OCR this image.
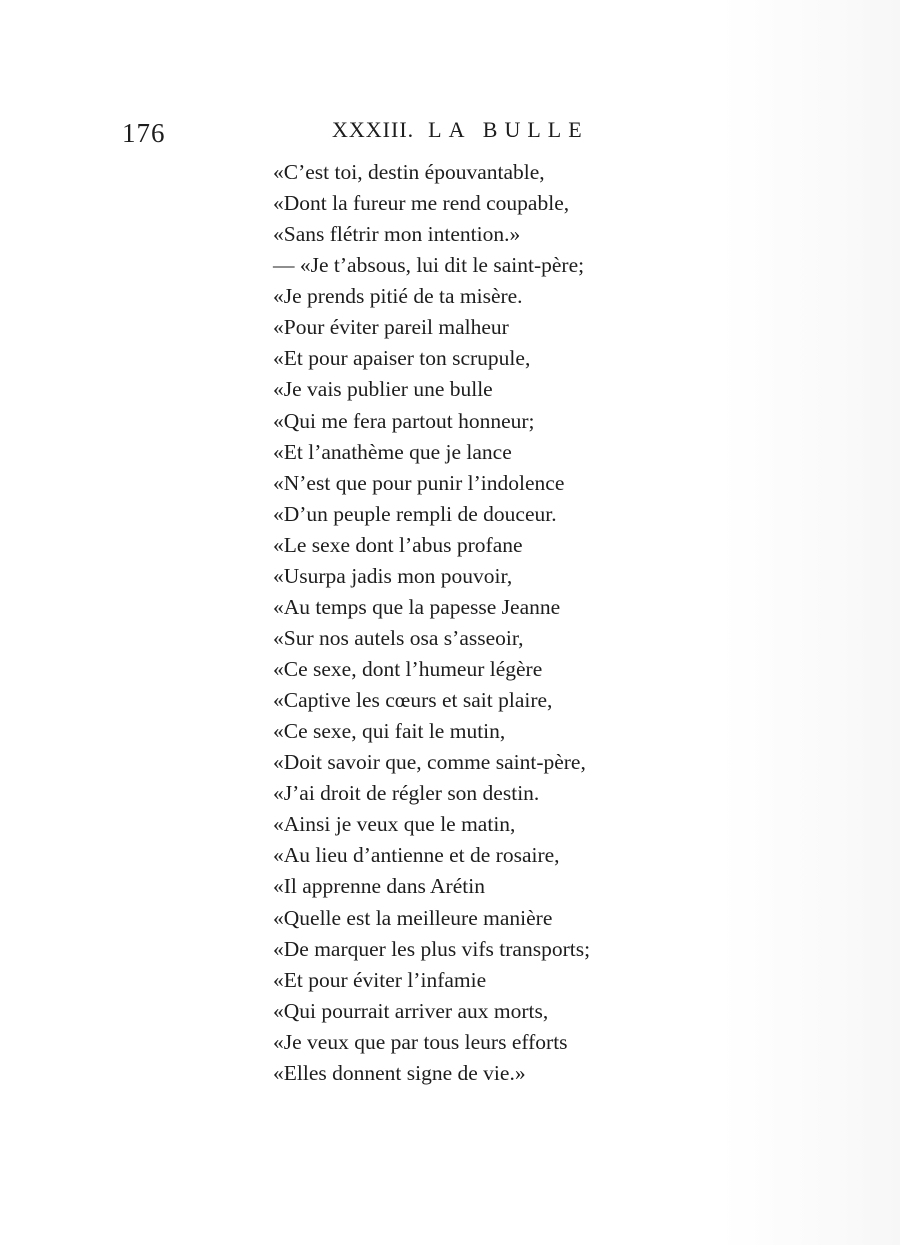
176	XXXIII. LA BULLE
«C’est toi, destin épouvantable,
«Dont la fureur me rend coupable,
«Sans flétrir mon intention.»
— «Je t’absous, lui dit le saint-père;
«Je prends pitié de ta misère.
«Pour éviter pareil malheur
«Et pour apaiser ton scrupule,
«Je vais publier une bulle
«Qui me fera partout honneur;
«Et l’anathème que je lance
«N’est que pour punir l’indolence
«D’un peuple rempli de douceur.
«Le sexe dont l’abus profane
«Usurpa jadis mon pouvoir,
«Au temps que la papesse Jeanne
«Sur nos autels osa s’asseoir,
«Ce sexe, dont l’humeur légère
«Captive les cœurs et sait plaire,
«Ce sexe, qui fait le mutin,
«Doit savoir que, comme saint-père,
«J’ai droit de régler son destin.
«Ainsi je veux que le matin,
«Au lieu d’antienne et de rosaire,
«Il apprenne dans Arétin
«Quelle est la meilleure manière
«De marquer les plus vifs transports;
«Et pour éviter l’infamie
«Qui pourrait arriver aux morts,
«Je veux que par tous leurs efforts
«Elles donnent signe de vie.»
